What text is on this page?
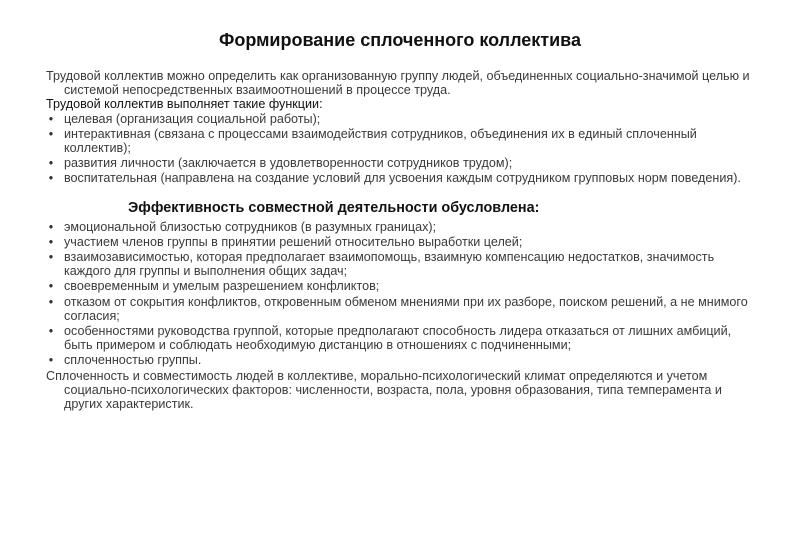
Формирование сплоченного коллектива

Трудовой коллектив можно определить как организованную группу людей, объединенных социально-значимой целью и системой непосредственных взаимоотношений в процессе труда.

Трудовой коллектив выполняет такие функции:

• целевая (организация социальной работы);
• интерактивная (связана с процессами взаимодействия сотрудников, объединения их в единый сплоченный коллектив);
• развития личности (заключается в удовлетворенности сотрудников трудом);
• воспитательная (направлена на создание условий для усвоения каждым сотрудником групповых норм поведения).
Эффективность совместной деятельности обусловлена:
• эмоциональной близостью сотрудников (в разумных границах);
• участием членов группы в принятии решений относительно выработки целей;
• взаимозависимостью, которая предполагает взаимопомощь, взаимную компенсацию недостатков, значимость каждого для группы и выполнения общих задач;
• своевременным и умелым разрешением конфликтов;
• отказом от сокрытия конфликтов, откровенным обменом мнениями при их разборе, поиском решений, а не мнимого согласия;
• особенностями руководства группой, которые предполагают способность лидера отказаться от лишних амбиций, быть примером и соблюдать необходимую дистанцию в отношениях с подчиненными;
• сплоченностью группы.

Сплоченность и совместимость людей в коллективе, морально-психологический климат определяются и учетом социально-психологических факторов: численности, возраста, пола, уровня образования, типа темперамента и других характеристик.
